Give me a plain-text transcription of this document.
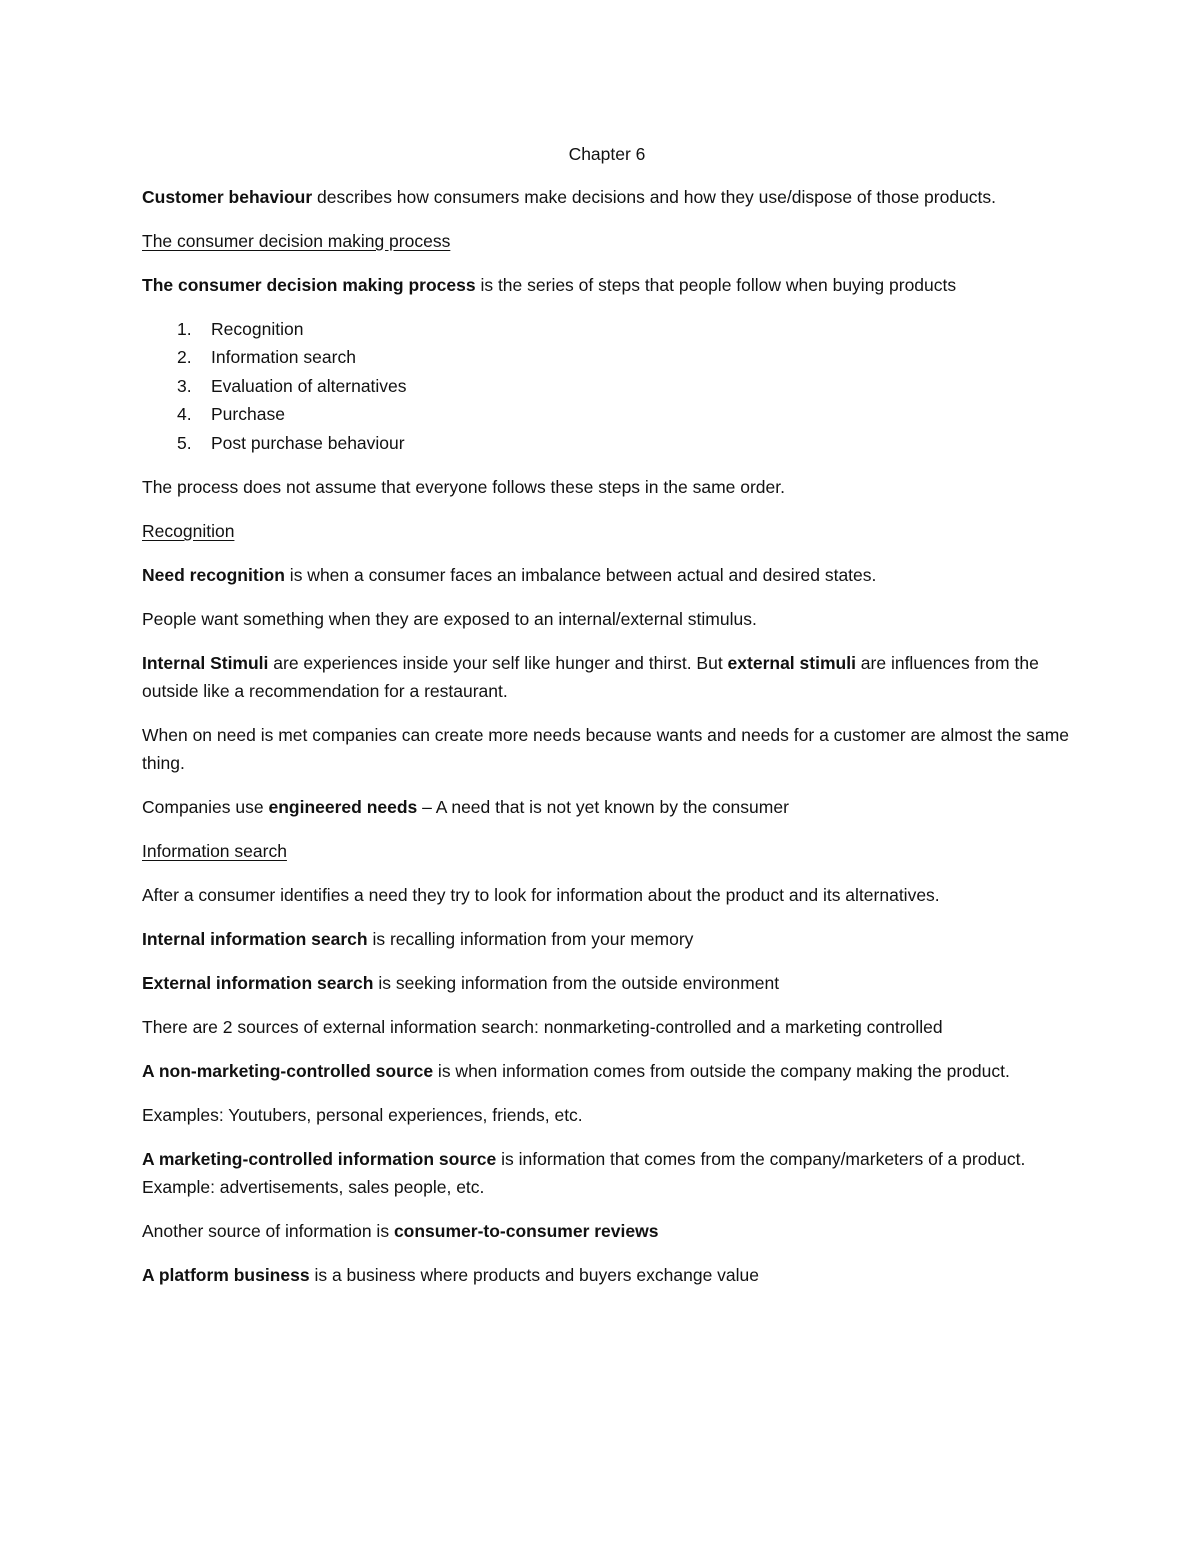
Chapter 6

Customer behaviour describes how consumers make decisions and how they use/dispose of those products.

The consumer decision making process

The consumer decision making process is the series of steps that people follow when buying products

1.	Recognition
2.	Information search
3.	Evaluation of alternatives
4.	Purchase
5.	Post purchase behaviour

The process does not assume that everyone follows these steps in the same order.

Recognition

Need recognition is when a consumer faces an imbalance between actual and desired states.

People want something when they are exposed to an internal/external stimulus.

Internal Stimuli are experiences inside your self like hunger and thirst. But external stimuli are influences from the outside like a recommendation for a restaurant.

When on need is met companies can create more needs because wants and needs for a customer are almost the same thing.

Companies use engineered needs – A need that is not yet known by the consumer

Information search

After a consumer identifies a need they try to look for information about the product and its alternatives.

Internal information search is recalling information from your memory

External information search is seeking information from the outside environment

There are 2 sources of external information search: nonmarketing-controlled and a marketing controlled

A non-marketing-controlled source is when information comes from outside the company making the product.

Examples: Youtubers, personal experiences, friends, etc.

A marketing-controlled information source is information that comes from the company/marketers of a product. Example: advertisements, sales people, etc.

Another source of information is consumer-to-consumer reviews

A platform business is a business where products and buyers exchange value
